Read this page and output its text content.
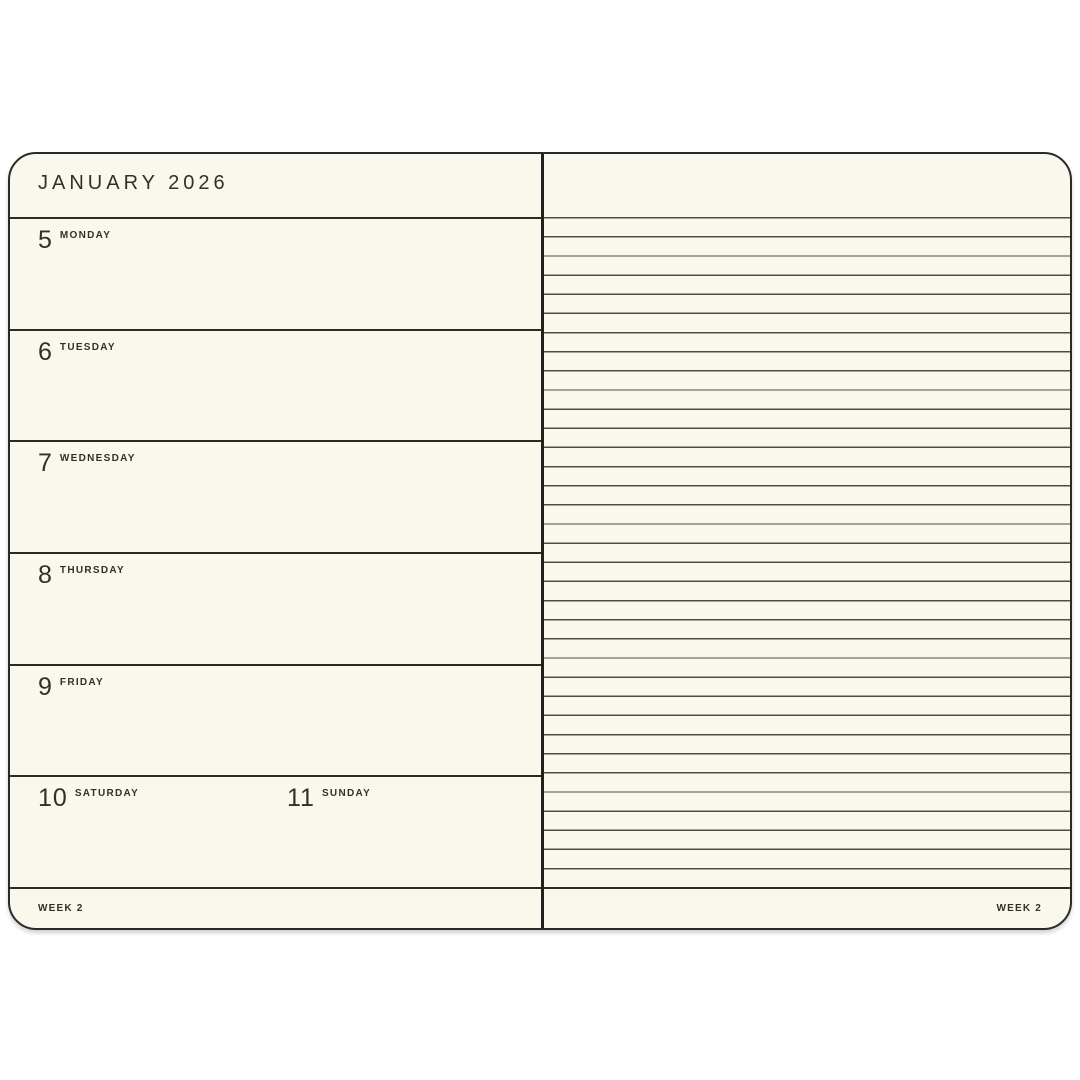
JANUARY 2026
5 MONDAY
6 TUESDAY
7 WEDNESDAY
8 THURSDAY
9 FRIDAY
10 SATURDAY	11 SUNDAY
WEEK 2	WEEK 2
